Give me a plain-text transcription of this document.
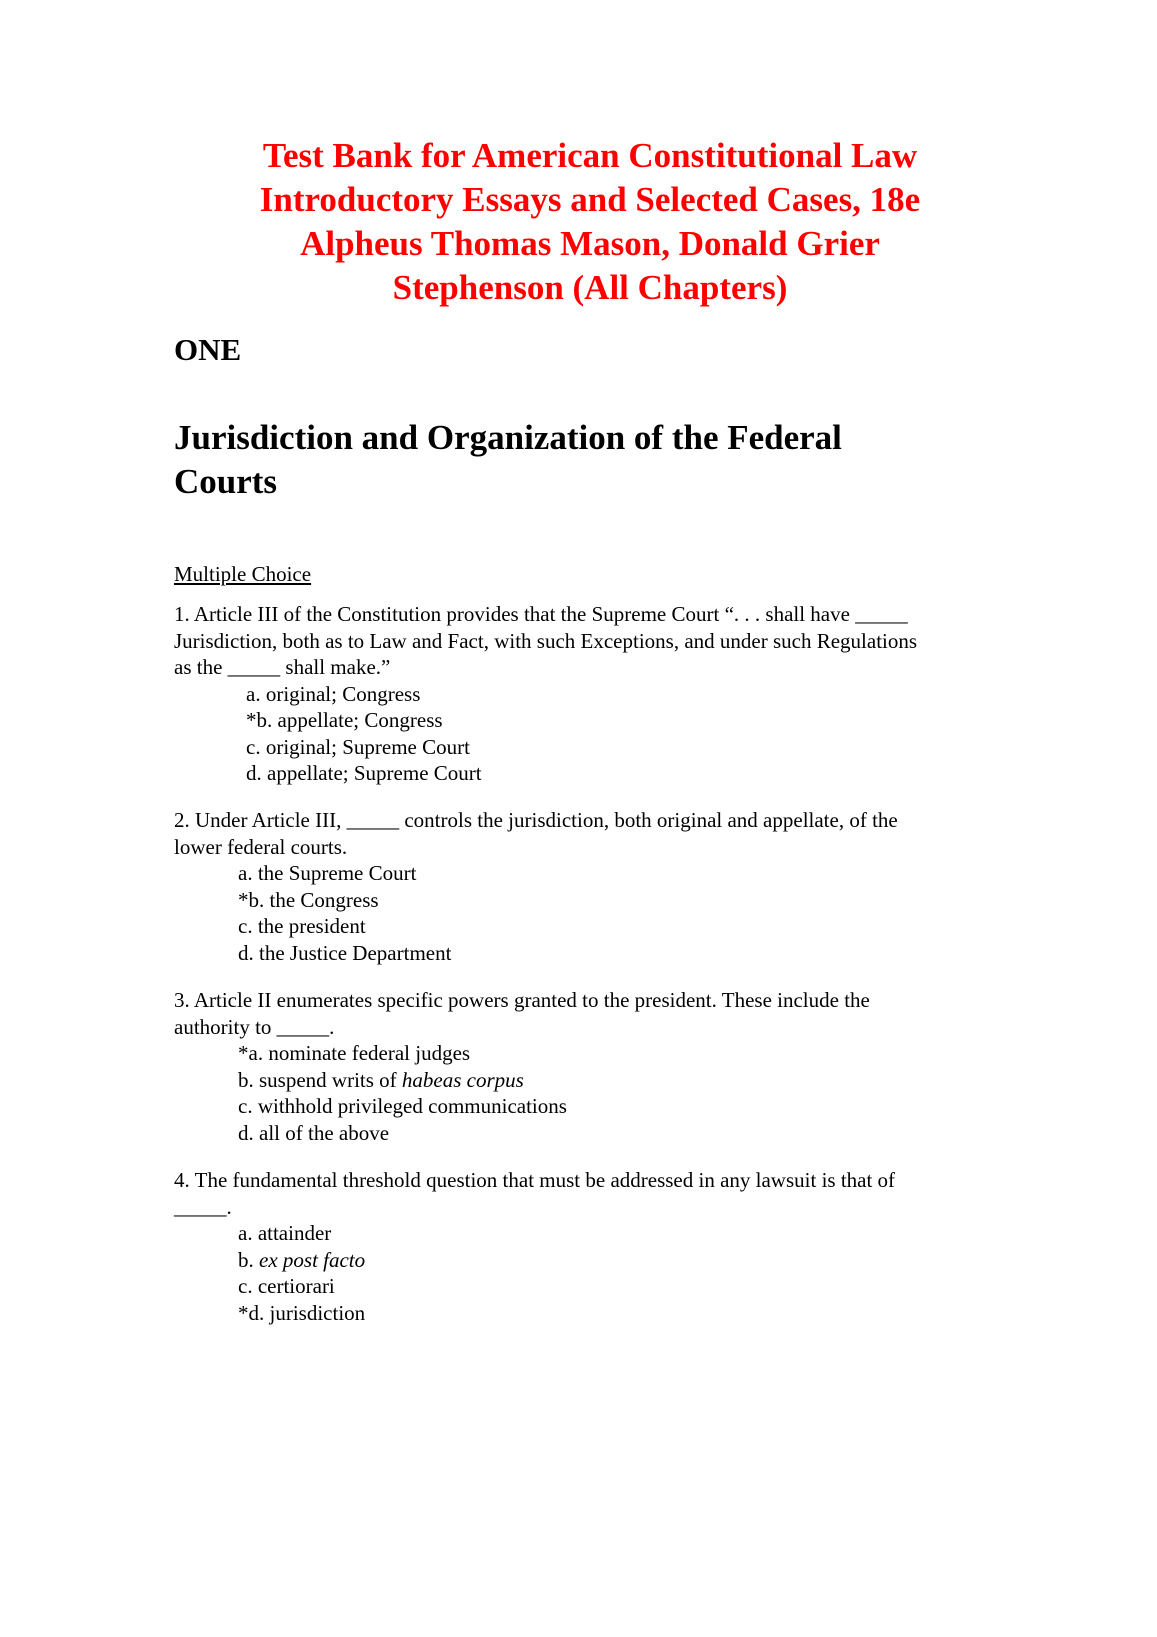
Test Bank for American Constitutional Law
Introductory Essays and Selected Cases, 18e
Alpheus Thomas Mason, Donald Grier
Stephenson (All Chapters)
ONE
Jurisdiction and Organization of the Federal
Courts
Multiple Choice
1. Article III of the Constitution provides that the Supreme Court “. . . shall have _____
Jurisdiction, both as to Law and Fact, with such Exceptions, and under such Regulations
as the _____ shall make.”
a. original; Congress
*b. appellate; Congress
c. original; Supreme Court
d. appellate; Supreme Court
2. Under Article III, _____ controls the jurisdiction, both original and appellate, of the
lower federal courts.
a. the Supreme Court
*b. the Congress
c. the president
d. the Justice Department
3. Article II enumerates specific powers granted to the president. These include the
authority to _____.
*a. nominate federal judges
b. suspend writs of habeas corpus
c. withhold privileged communications
d. all of the above
4. The fundamental threshold question that must be addressed in any lawsuit is that of
_____.
a. attainder
b. ex post facto
c. certiorari
*d. jurisdiction
